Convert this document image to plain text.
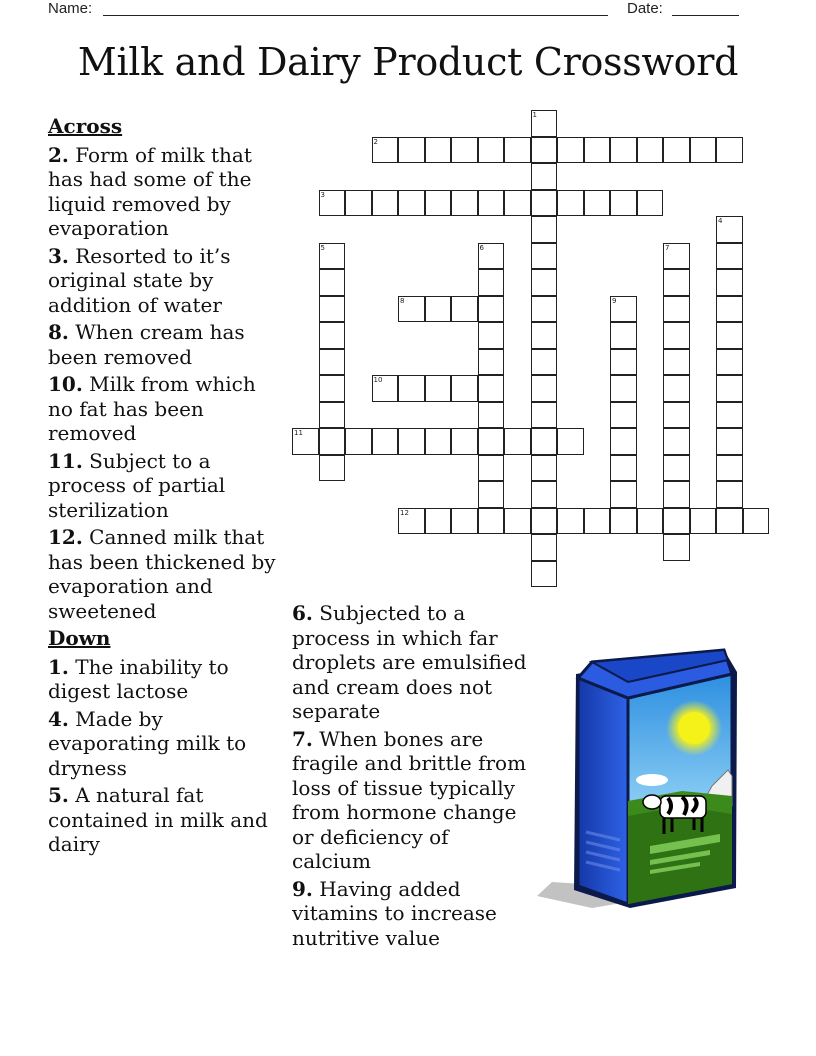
Name:	Date:
Milk and Dairy Product Crossword
Across
2. Form of milk that has had some of the liquid removed by evaporation
3. Resorted to it’s original state by addition of water
8. When cream has been removed
10. Milk from which no fat has been removed
11. Subject to a process of partial sterilization
12. Canned milk that has been thickened by evaporation and sweetened
Down
1. The inability to digest lactose
4. Made by evaporating milk to dryness
5. A natural fat contained in milk and dairy
6. Subjected to a process in which far droplets are emulsified and cream does not separate
7. When bones are fragile and brittle from loss of tissue typically from hormone change or deficiency of calcium
9. Having added vitamins to increase nutritive value
1
2
3
4
5	6	7
8	9
10
11
12
